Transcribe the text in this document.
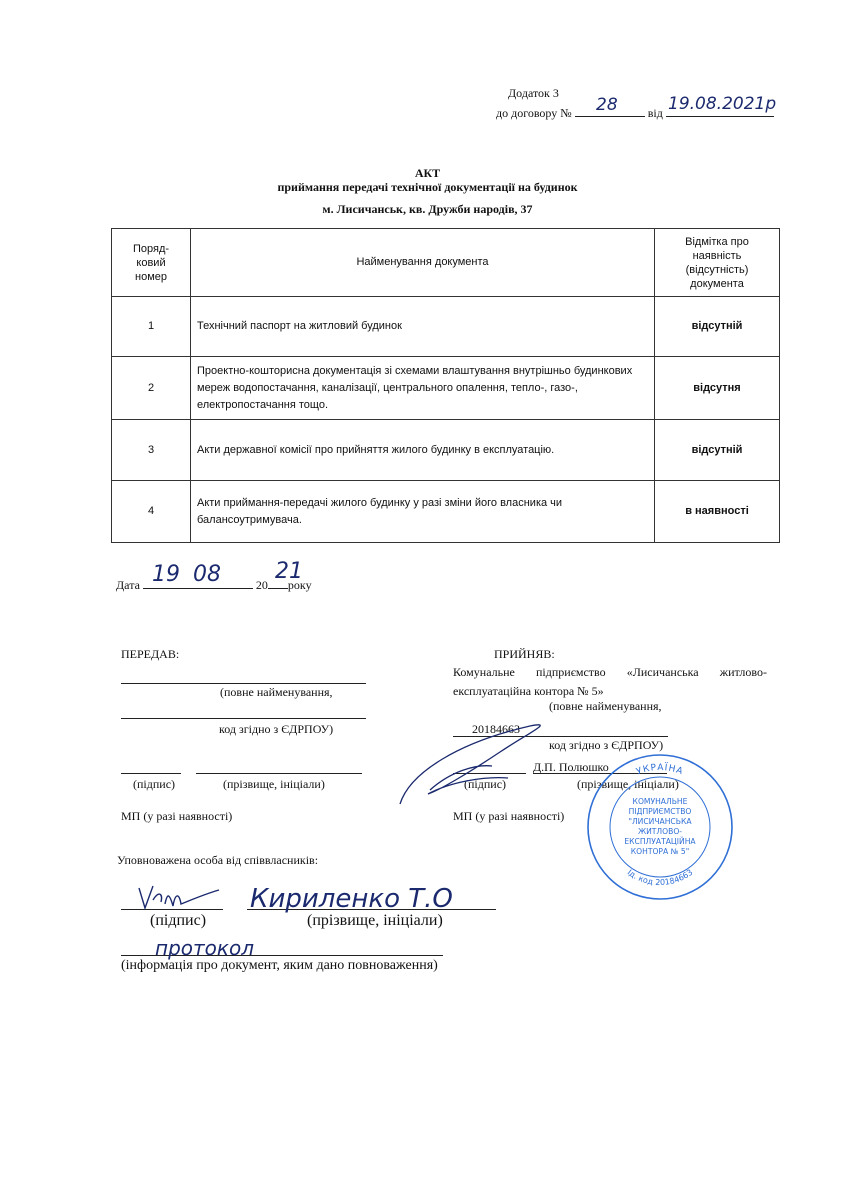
Додаток 3
до договору №	від
28	19.08.2021р
АКТ
приймання передачі технічної документації на будинок
м. Лисичанськ, кв. Дружби народів, 37
Поряд-
ковий
номер	Найменування документа	Відмітка про наявність (відсутність) документа
1	Технічний паспорт на житловий будинок	відсутній
2	Проектно-кошторисна документація зі схемами влаштування внутрішньо будинкових мереж водопостачання, каналізації, центрального опалення, тепло-, газо-, електропостачання тощо.	відсутня
3	Акти державної комісії про прийняття жилого будинку в експлуатацію.	відсутній
4	Акти приймання-передачі жилого будинку у разі зміни його власника чи балансоутримувача.	в наявності
Дата	20 року
19 08 21
ПЕРЕДАВ:
(повне найменування,
код згідно з ЄДРПОУ)
(підпис)	(прізвище, ініціали)
МП (у разі наявності)
ПРИЙНЯВ:
Комунальне підприємство «Лисичанська житлово-
експлуатаційна контора № 5»
(повне найменування,
20184663
код згідно з ЄДРПОУ)
Д.П. Полюшко
(підпис)	(прізвище, ініціали)
МП (у разі наявності)
УКРАЇНА
Ід. код 20184663
КОМУНАЛЬНЕ
ПІДПРИЄМСТВО
"ЛИСИЧАНСЬКА
ЖИТЛОВО-
ЕКСПЛУАТАЦІЙНА
КОНТОРА № 5"
Уповноважена особа від співвласників:
Кириленко Т.О
(підпис)	(прізвище, ініціали)
протокол
(інформація про документ, яким дано повноваження)
